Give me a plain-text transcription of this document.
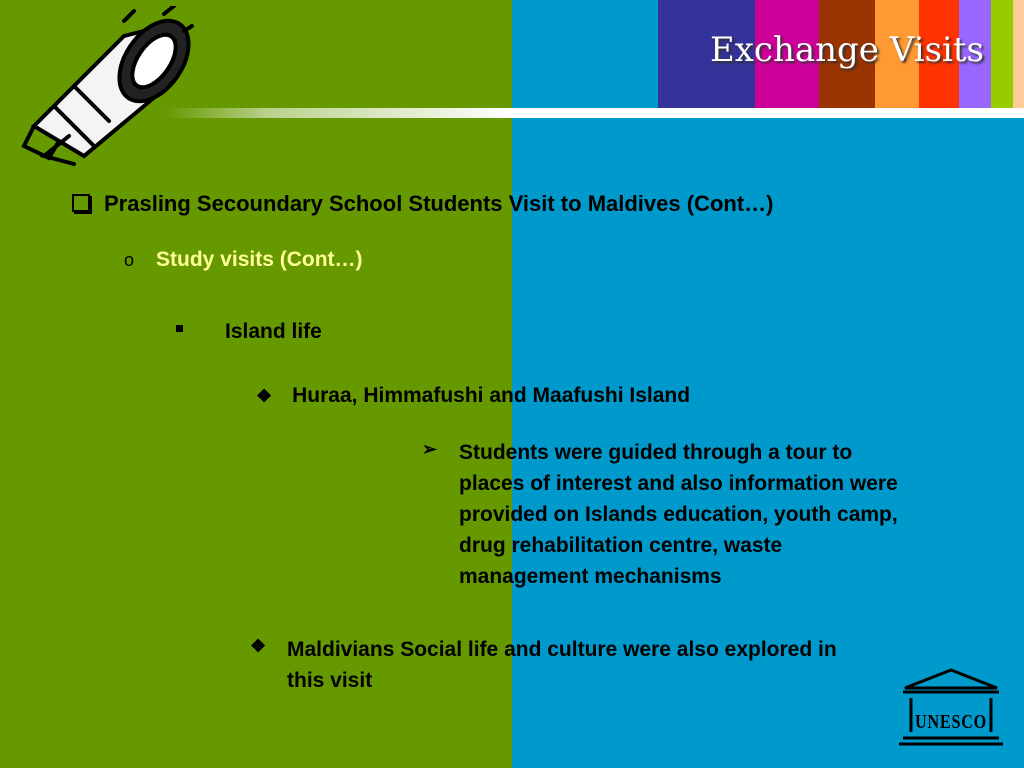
Exchange Visits
Prasling Secoundary School Students Visit to Maldives (Cont…)
o Study visits (Cont…)
Island life
❖ Huraa, Himmafushi and Maafushi Island
➢ Students were guided through a tour to places of interest and also information were provided on Islands education, youth camp, drug rehabilitation centre, waste management mechanisms
❖ Maldivians Social life and culture were also explored in this visit
UNESCO
